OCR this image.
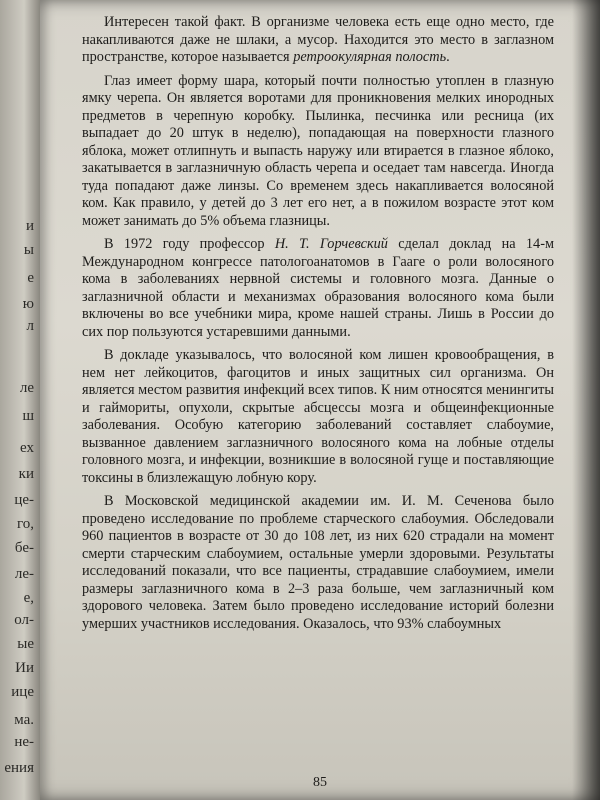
и
ы
е
ю
л
ле
ш
ех
ки
це-
го,
бе-
ле-
е,
ол-
ые
Ии
ице
ма.
не-
ения

Интересен такой факт. В организме человека есть еще одно место, где накапливаются даже не шлаки, а мусор. Находится это место в заглазном пространстве, которое называется ретроокулярная полость.

Глаз имеет форму шара, который почти полностью утоплен в глазную ямку черепа. Он является воротами для проникновения мелких инородных предметов в черепную коробку. Пылинка, песчинка или ресница (их выпадает до 20 штук в неделю), попадающая на поверхности глазного яблока, может отлипнуть и выпасть наружу или втирается в глазное яблоко, закатывается в заглазничную область черепа и оседает там навсегда. Иногда туда попадают даже линзы. Со временем здесь накапливается волосяной ком. Как правило, у детей до 3 лет его нет, а в пожилом возрасте этот ком может занимать до 5% объема глазницы.

В 1972 году профессор Н. Т. Горчевский сделал доклад на 14-м Международном конгрессе патологоанатомов в Гааге о роли волосяного кома в заболеваниях нервной системы и головного мозга. Данные о заглазничной области и механизмах образования волосяного кома были включены во все учебники мира, кроме нашей страны. Лишь в России до сих пор пользуются устаревшими данными.

В докладе указывалось, что волосяной ком лишен кровообращения, в нем нет лейкоцитов, фагоцитов и иных защитных сил организма. Он является местом развития инфекций всех типов. К ним относятся менингиты и гаймориты, опухоли, скрытые абсцессы мозга и общеинфекционные заболевания. Особую категорию заболеваний составляет слабоумие, вызванное давлением заглазничного волосяного кома на лобные отделы головного мозга, и инфекции, возникшие в волосяной гуще и поставляющие токсины в близлежащую лобную кору.

В Московской медицинской академии им. И. М. Сеченова было проведено исследование по проблеме старческого слабоумия. Обследовали 960 пациентов в возрасте от 30 до 108 лет, из них 620 страдали на момент смерти старческим слабоумием, остальные умерли здоровыми. Результаты исследований показали, что все пациенты, страдавшие слабоумием, имели размеры заглазничного кома в 2–3 раза больше, чем заглазничный ком здорового человека. Затем было проведено исследование историй болезни умерших участников исследования. Оказалось, что 93% слабоумных

85
